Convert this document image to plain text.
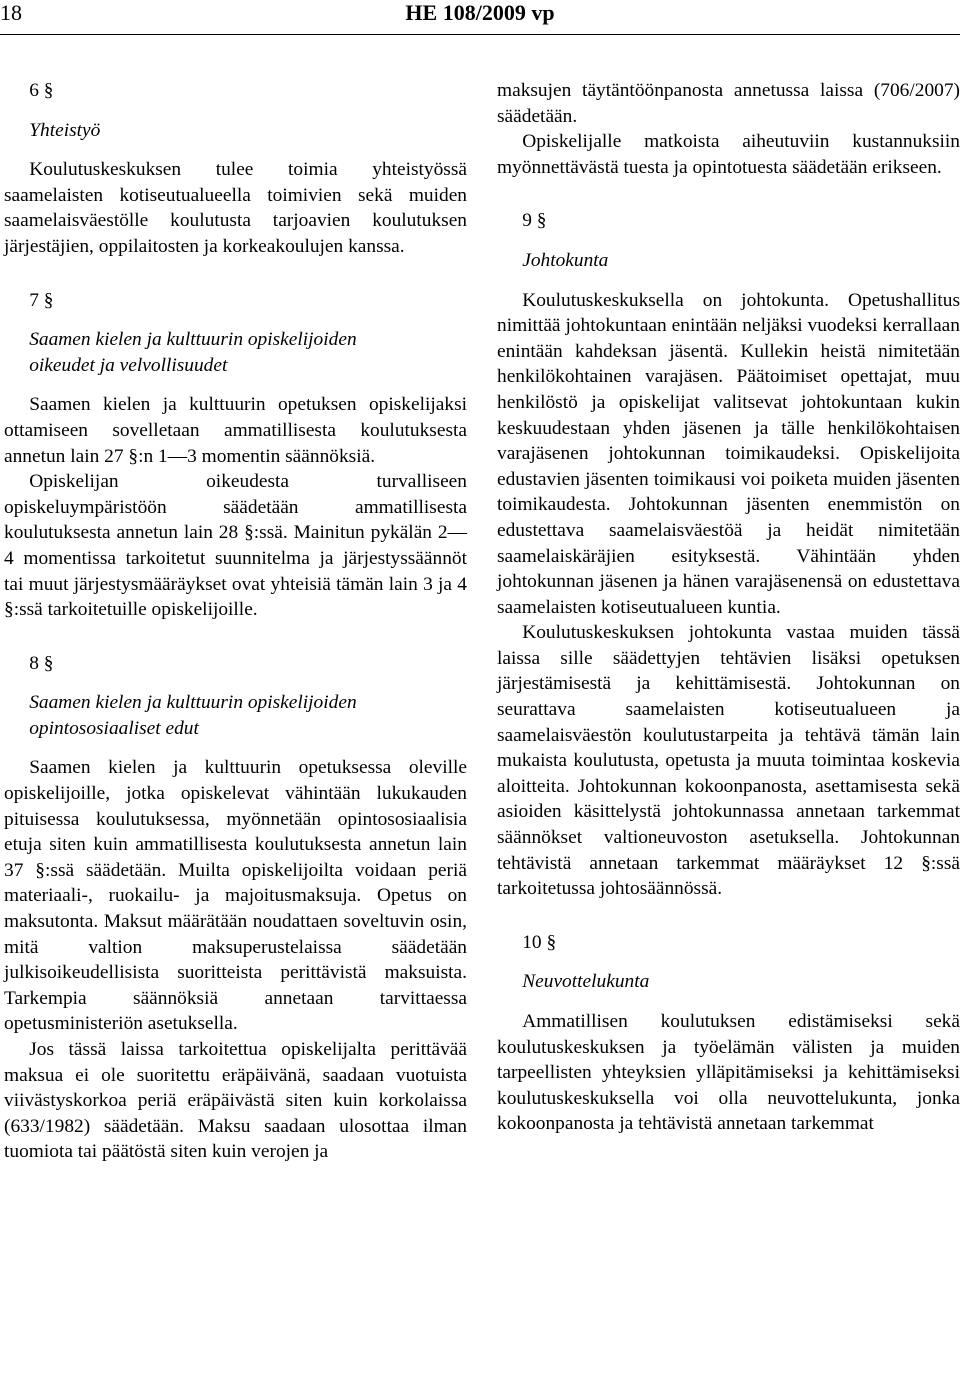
18	HE 108/2009 vp

6 §

Yhteistyö

Koulutuskeskuksen tulee toimia yhteistyössä saamelaisten kotiseutualueella toimivien sekä muiden saamelaisväestölle koulutusta tarjoavien koulutuksen järjestäjien, oppilaitosten ja korkeakoulujen kanssa.

7 §

Saamen kielen ja kulttuurin opiskelijoiden

oikeudet ja velvollisuudet

Saamen kielen ja kulttuurin opetuksen opiskelijaksi ottamiseen sovelletaan ammatillisesta koulutuksesta annetun lain 27 §:n 1—3 momentin säännöksiä.

Opiskelijan oikeudesta turvalliseen opiskeluympäristöön säädetään ammatillisesta koulutuksesta annetun lain 28 §:ssä. Mainitun pykälän 2—4 momentissa tarkoitetut suunnitelma ja järjestyssäännöt tai muut järjestysmääräykset ovat yhteisiä tämän lain 3 ja 4 §:ssä tarkoitetuille opiskelijoille.

8 §

Saamen kielen ja kulttuurin opiskelijoiden

opintososiaaliset edut

Saamen kielen ja kulttuurin opetuksessa oleville opiskelijoille, jotka opiskelevat vähintään lukukauden pituisessa koulutuksessa, myönnetään opintososiaalisia etuja siten kuin ammatillisesta koulutuksesta annetun lain 37 §:ssä säädetään. Muilta opiskelijoilta voidaan periä materiaali-, ruokailu- ja majoitusmaksuja. Opetus on maksutonta. Maksut määrätään noudattaen soveltuvin osin, mitä valtion maksuperustelaissa säädetään julkisoikeudellisista suoritteista perittävistä maksuista. Tarkempia säännöksiä annetaan tarvittaessa opetusministeriön asetuksella.

Jos tässä laissa tarkoitettua opiskelijalta perittävää maksua ei ole suoritettu eräpäivänä, saadaan vuotuista viivästyskorkoa periä eräpäivästä siten kuin korkolaissa (633/1982) säädetään. Maksu saadaan ulosottaa ilman tuomiota tai päätöstä siten kuin verojen ja

maksujen täytäntöönpanosta annetussa laissa (706/2007) säädetään.

Opiskelijalle matkoista aiheutuviin kustannuksiin myönnettävästä tuesta ja opintotuesta säädetään erikseen.

9 §

Johtokunta

Koulutuskeskuksella on johtokunta. Opetushallitus nimittää johtokuntaan enintään neljäksi vuodeksi kerrallaan enintään kahdeksan jäsentä. Kullekin heistä nimitetään henkilökohtainen varajäsen. Päätoimiset opettajat, muu henkilöstö ja opiskelijat valitsevat johtokuntaan kukin keskuudestaan yhden jäsenen ja tälle henkilökohtaisen varajäsenen johtokunnan toimikaudeksi. Opiskelijoita edustavien jäsenten toimikausi voi poiketa muiden jäsenten toimikaudesta. Johtokunnan jäsenten enemmistön on edustettava saamelaisväestöä ja heidät nimitetään saamelaiskäräjien esityksestä. Vähintään yhden johtokunnan jäsenen ja hänen varajäsenensä on edustettava saamelaisten kotiseutualueen kuntia.

Koulutuskeskuksen johtokunta vastaa muiden tässä laissa sille säädettyjen tehtävien lisäksi opetuksen järjestämisestä ja kehittämisestä. Johtokunnan on seurattava saamelaisten kotiseutualueen ja saamelaisväestön koulutustarpeita ja tehtävä tämän lain mukaista koulutusta, opetusta ja muuta toimintaa koskevia aloitteita. Johtokunnan kokoonpanosta, asettamisesta sekä asioiden käsittelystä johtokunnassa annetaan tarkemmat säännökset valtioneuvoston asetuksella. Johtokunnan tehtävistä annetaan tarkemmat määräykset 12 §:ssä tarkoitetussa johtosäännössä.

10 §

Neuvottelukunta

Ammatillisen koulutuksen edistämiseksi sekä koulutuskeskuksen ja työelämän välisten ja muiden tarpeellisten yhteyksien ylläpitämiseksi ja kehittämiseksi koulutuskeskuksella voi olla neuvottelukunta, jonka kokoonpanosta ja tehtävistä annetaan tarkemmat
